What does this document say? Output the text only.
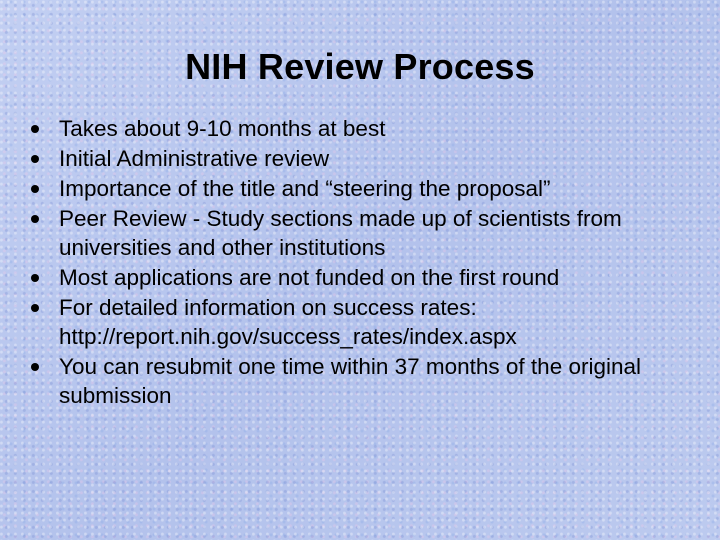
NIH Review Process
Takes about 9-10 months at best
Initial Administrative review
Importance of the title and “steering the proposal”
Peer Review - Study sections made up of scientists from universities and other institutions
Most applications are not funded on the first round
For detailed information on success rates: http://report.nih.gov/success_rates/index.aspx
You can resubmit one time within 37 months of the original submission
